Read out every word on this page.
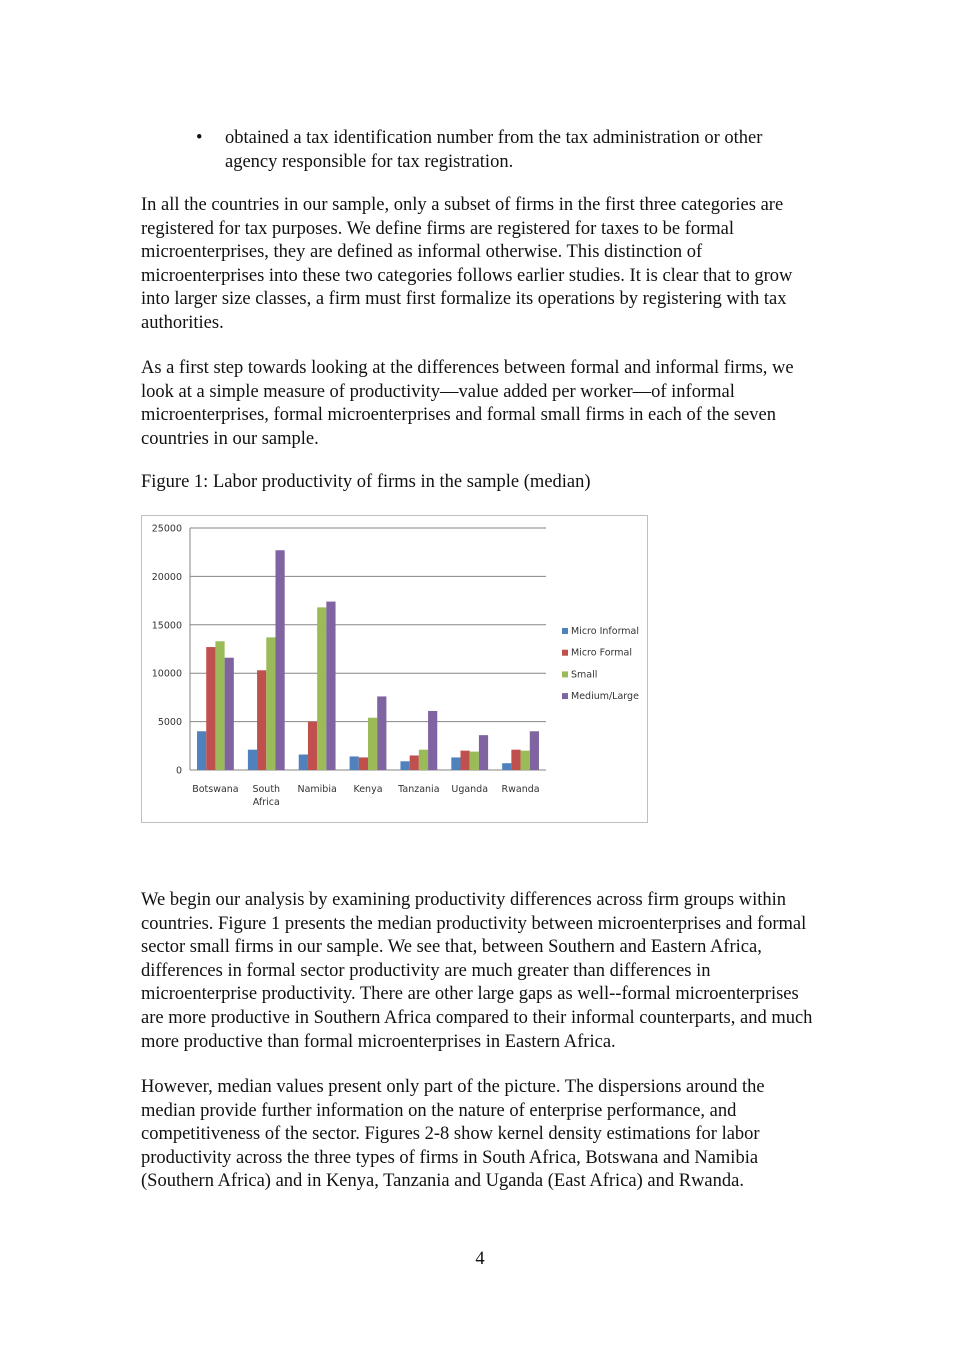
•	obtained a tax identification number from the tax administration or other agency responsible for tax registration.

In all the countries in our sample, only a subset of firms in the first three categories are registered for tax purposes. We define firms are registered for taxes to be formal microenterprises, they are defined as informal otherwise. This distinction of microenterprises into these two categories follows earlier studies. It is clear that to grow into larger size classes, a firm must first formalize its operations by registering with tax authorities.

As a first step towards looking at the differences between formal and informal firms, we look at a simple measure of productivity—value added per worker—of informal microenterprises, formal microenterprises and formal small firms in each of the seven countries in our sample.

Figure 1: Labor productivity of firms in the sample (median)
0
5000
10000
15000
20000
25000
Botswana South
Africa
Namibia Kenya Tanzania Uganda Rwanda
Micro Informal
Micro Formal
Small
Medium/Large

We begin our analysis by examining productivity differences across firm groups within countries. Figure 1 presents the median productivity between microenterprises and formal sector small firms in our sample. We see that, between Southern and Eastern Africa, differences in formal sector productivity are much greater than differences in microenterprise productivity. There are other large gaps as well--formal microenterprises are more productive in Southern Africa compared to their informal counterparts, and much more productive than formal microenterprises in Eastern Africa.

However, median values present only part of the picture. The dispersions around the median provide further information on the nature of enterprise performance, and competitiveness of the sector. Figures 2-8 show kernel density estimations for labor productivity across the three types of firms in South Africa, Botswana and Namibia (Southern Africa) and in Kenya, Tanzania and Uganda (East Africa) and Rwanda.

4
